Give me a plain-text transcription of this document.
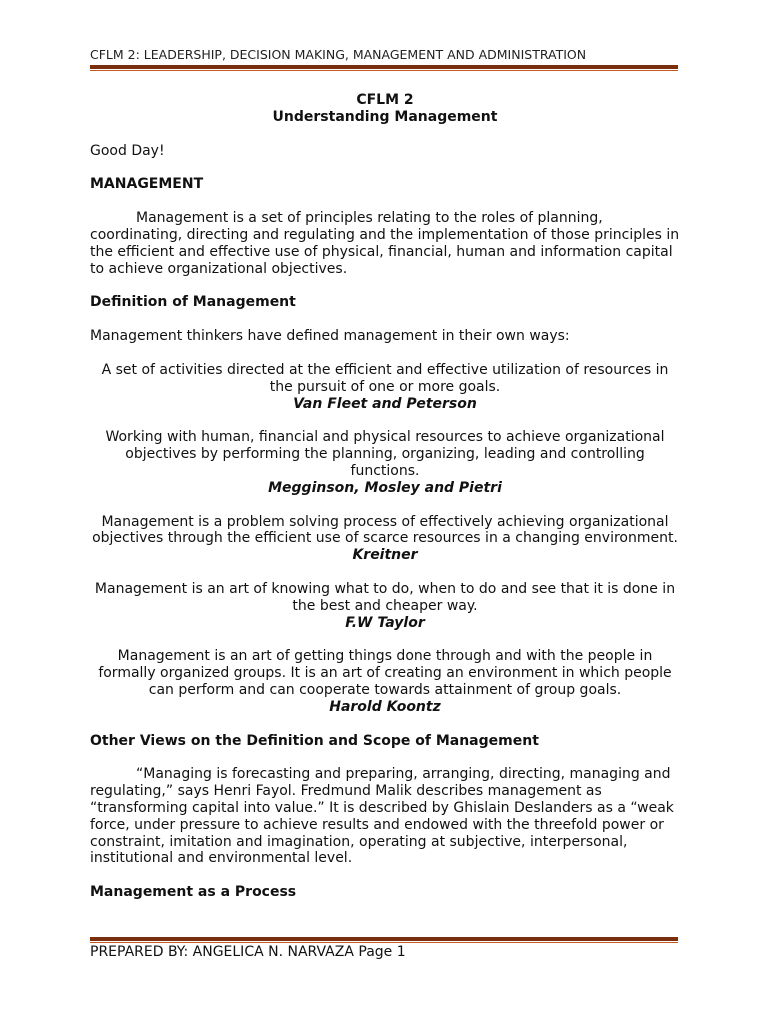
CFLM 2: LEADERSHIP, DECISION MAKING, MANAGEMENT AND ADMINISTRATION

CFLM 2

Understanding Management

Good Day!

MANAGEMENT

Management is a set of principles relating to the roles of planning, coordinating, directing and regulating and the implementation of those principles in the efficient and effective use of physical, financial, human and information capital to achieve organizational objectives.

Definition of Management

Management thinkers have defined management in their own ways:

A set of activities directed at the efficient and effective utilization of resources in the pursuit of one or more goals.

Van Fleet and Peterson

Working with human, financial and physical resources to achieve organizational objectives by performing the planning, organizing, leading and controlling functions.

Megginson, Mosley and Pietri

Management is a problem solving process of effectively achieving organizational objectives through the efficient use of scarce resources in a changing environment.

Kreitner

Management is an art of knowing what to do, when to do and see that it is done in the best and cheaper way.

F.W Taylor

Management is an art of getting things done through and with the people in formally organized groups. It is an art of creating an environment in which people can perform and can cooperate towards attainment of group goals.

Harold Koontz

Other Views on the Definition and Scope of Management

“Managing is forecasting and preparing, arranging, directing, managing and regulating,” says Henri Fayol. Fredmund Malik describes management as “transforming capital into value.” It is described by Ghislain Deslanders as a “weak force, under pressure to achieve results and endowed with the threefold power or constraint, imitation and imagination, operating at subjective, interpersonal, institutional and environmental level.

Management as a Process

PREPARED BY: ANGELICA N. NARVAZA Page 1
